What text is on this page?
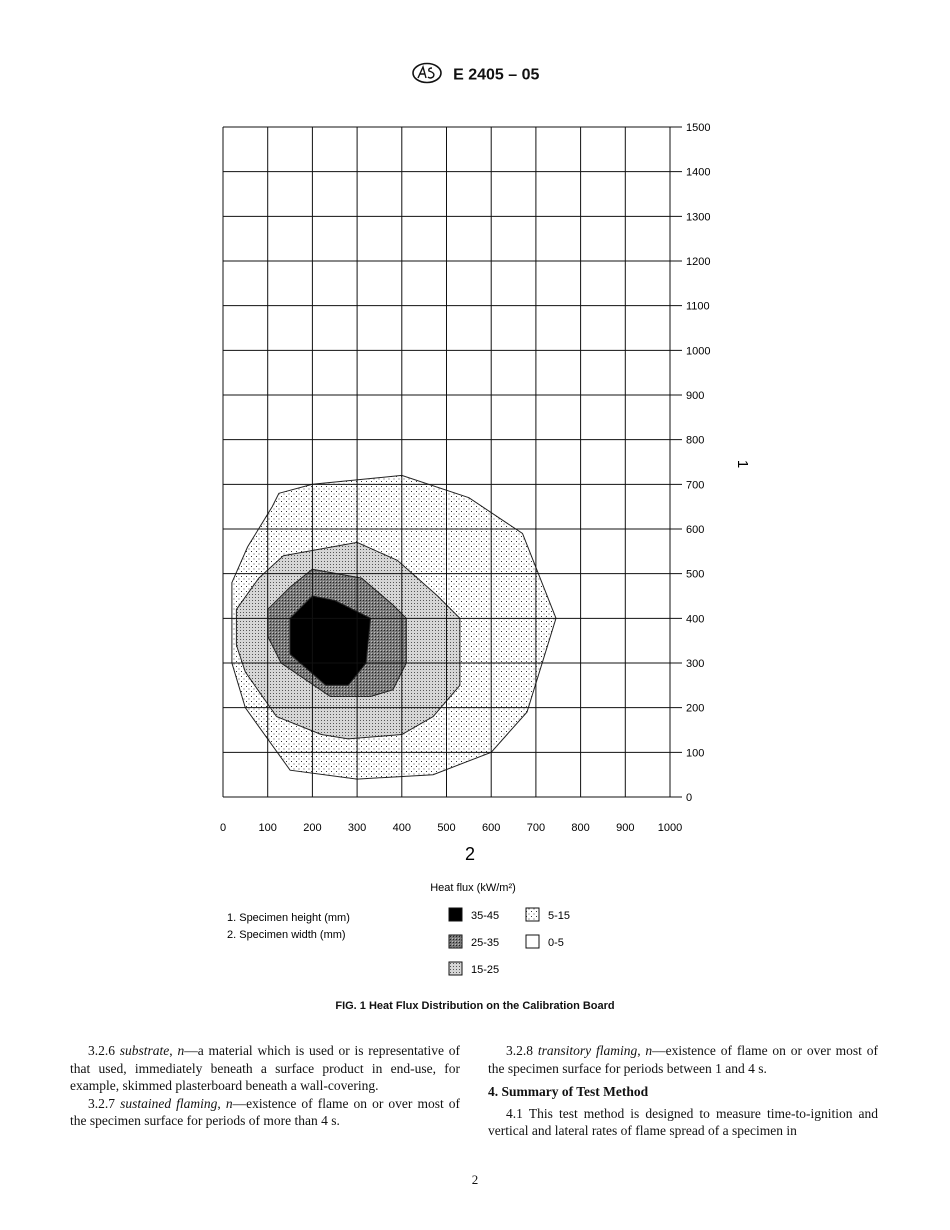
E 2405 – 05
0	100 200 300 400 500 600 700 800 900 1000
0
100
200
300
400
500
600
700
800
900
1000
1100
1200
1300
1400
1500
2
1
Heat flux (kW/m²)
1. Specimen height (mm)
2. Specimen width (mm)
35-45
25-35
15-25
5-15
0-5
FIG. 1 Heat Flux Distribution on the Calibration Board

3.2.6 substrate, n—a material which is used or is representative of that used, immediately beneath a surface product in end-use, for example, skimmed plasterboard beneath a wall-covering.

3.2.7 sustained flaming, n—existence of flame on or over most of the specimen surface for periods of more than 4 s.

3.2.8 transitory flaming, n—existence of flame on or over most of the specimen surface for periods between 1 and 4 s.

4. Summary of Test Method

4.1 This test method is designed to measure time-to-ignition and vertical and lateral rates of flame spread of a specimen in

2
